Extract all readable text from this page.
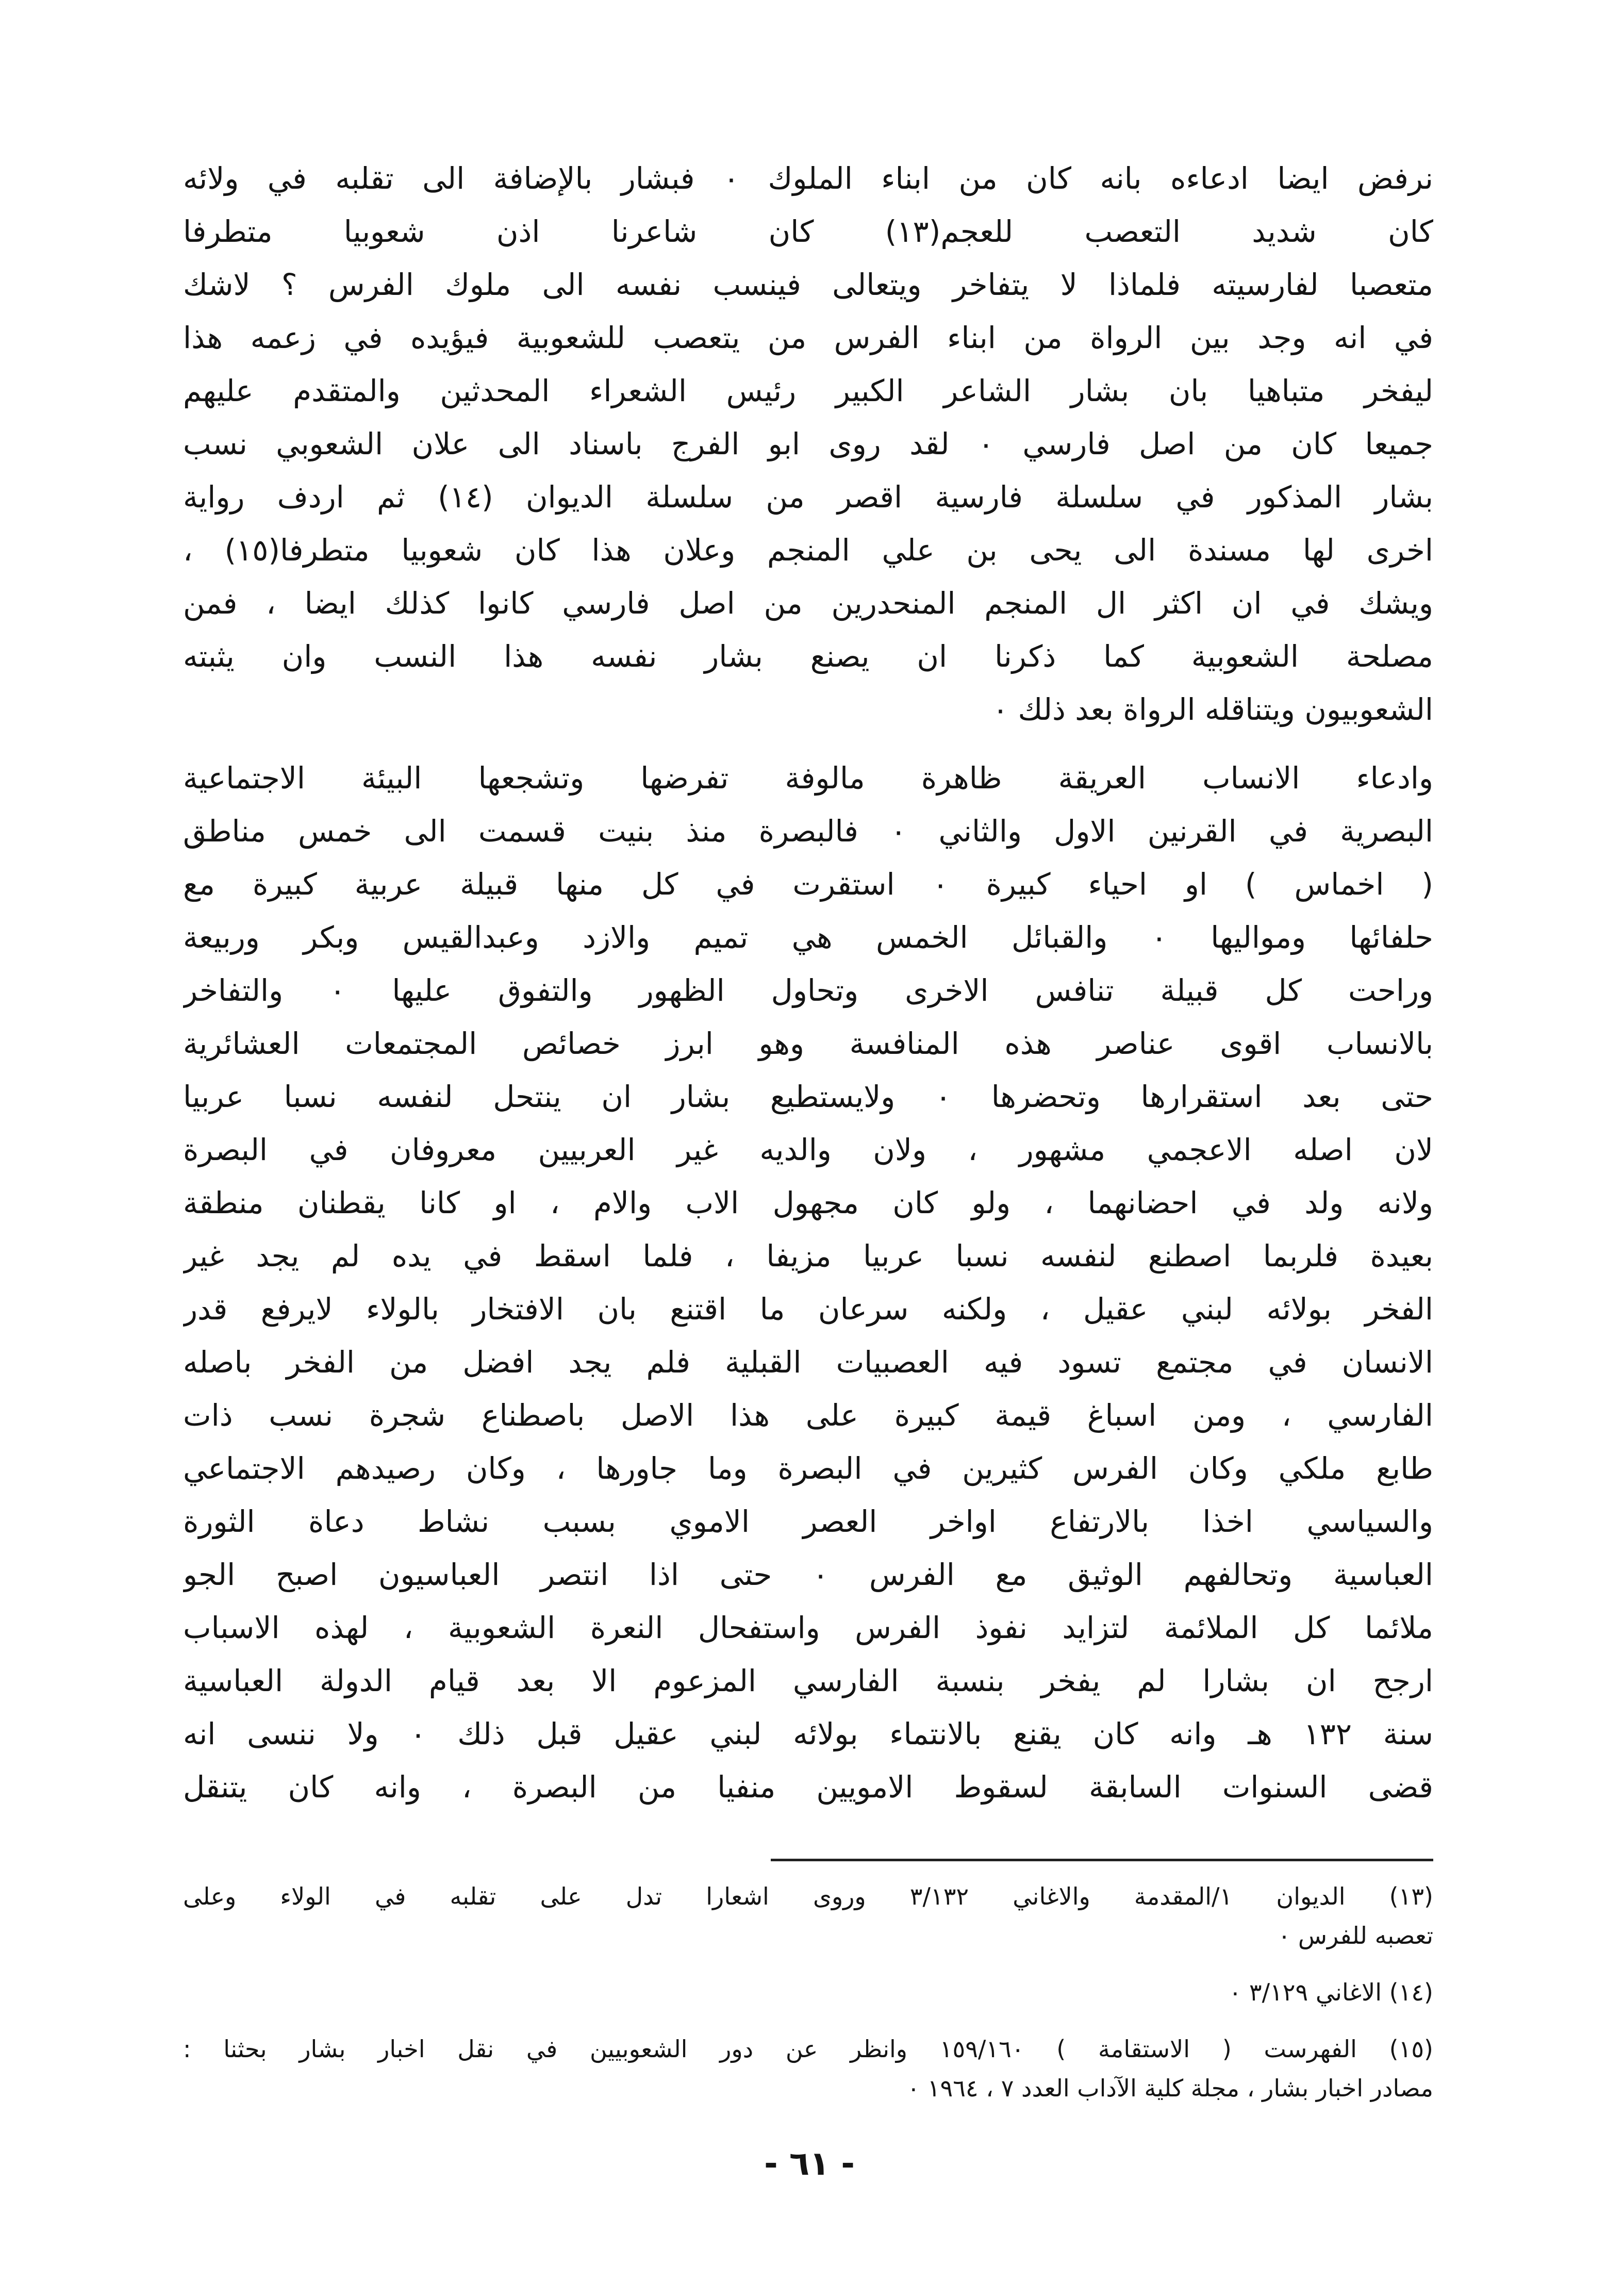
نرفض ايضا ادعاءه بانه كان من ابناء الملوك ٠ فبشار بالإضافة الى تقلبه في ولائه
كان شديد التعصب للعجم(١٣) كان شاعرنا اذن شعوبيا متطرفا
متعصبا لفارسيته فلماذا لا يتفاخر ويتعالى فينسب نفسه الى ملوك الفرس ؟ لاشك
في انه وجد بين الرواة من ابناء الفرس من يتعصب للشعوبية فيؤيده في زعمه هذا
ليفخر متباهيا بان بشار الشاعر الكبير رئيس الشعراء المحدثين والمتقدم عليهم
جميعا كان من اصل فارسي ٠ لقد روى ابو الفرج باسناد الى علان الشعوبي نسب
بشار المذكور في سلسلة فارسية اقصر من سلسلة الديوان (١٤) ثم اردف رواية
اخرى لها مسندة الى يحى بن علي المنجم وعلان هذا كان شعوبيا متطرفا(١٥) ،
ويشك في ان اكثر ال المنجم المنحدرين من اصل فارسي كانوا كذلك ايضا ، فمن
مصلحة الشعوبية كما ذكرنا ان يصنع بشار نفسه هذا النسب وان يثبته
الشعوبيون ويتناقله الرواة بعد ذلك ٠
وادعاء الانساب العريقة ظاهرة مالوفة تفرضها وتشجعها البيئة الاجتماعية
البصرية في القرنين الاول والثاني ٠ فالبصرة منذ بنيت قسمت الى خمس مناطق
( اخماس ) او احياء كبيرة ٠ استقرت في كل منها قبيلة عربية كبيرة مع
حلفائها ومواليها ٠ والقبائل الخمس هي تميم والازد وعبدالقيس وبكر وربيعة
وراحت كل قبيلة تنافس الاخرى وتحاول الظهور والتفوق عليها ٠ والتفاخر
بالانساب اقوى عناصر هذه المنافسة وهو ابرز خصائص المجتمعات العشائرية
حتى بعد استقرارها وتحضرها ٠ ولايستطيع بشار ان ينتحل لنفسه نسبا عربيا
لان اصله الاعجمي مشهور ، ولان والديه غير العربيين معروفان في البصرة
ولانه ولد في احضانهما ، ولو كان مجهول الاب والام ، او كانا يقطنان منطقة
بعيدة فلربما اصطنع لنفسه نسبا عربيا مزيفا ، فلما اسقط في يده لم يجد غير
الفخر بولائه لبني عقيل ، ولكنه سرعان ما اقتنع بان الافتخار بالولاء لايرفع قدر
الانسان في مجتمع تسود فيه العصبيات القبلية فلم يجد افضل من الفخر باصله
الفارسي ، ومن اسباغ قيمة كبيرة على هذا الاصل باصطناع شجرة نسب ذات
طابع ملكي وكان الفرس كثيرين في البصرة وما جاورها ، وكان رصيدهم الاجتماعي
والسياسي اخذا بالارتفاع اواخر العصر الاموي بسبب نشاط دعاة الثورة
العباسية وتحالفهم الوثيق مع الفرس ٠ حتى اذا انتصر العباسيون اصبح الجو
ملائما كل الملائمة لتزايد نفوذ الفرس واستفحال النعرة الشعوبية ، لهذه الاسباب
ارجح ان بشارا لم يفخر بنسبة الفارسي المزعوم الا بعد قيام الدولة العباسية
سنة ١٣٢ هـ وانه كان يقنع بالانتماء بولائه لبني عقيل قبل ذلك ٠ ولا ننسى انه
قضى السنوات السابقة لسقوط الامويين منفيا من البصرة ، وانه كان يتنقل
(١٣) الديوان ١/المقدمة والاغاني ٣/١٣٢ وروى اشعارا تدل على تقلبه في الولاء وعلى
تعصبه للفرس ٠
(١٤) الاغاني ٣/١٢٩ ٠
(١٥) الفهرست ( الاستقامة ) ١٥٩/١٦٠ وانظر عن دور الشعوبيين في نقل اخبار بشار بحثنا :
مصادر اخبار بشار ، مجلة كلية الآداب العدد ٧ ، ١٩٦٤ ٠
- ٦١ -
